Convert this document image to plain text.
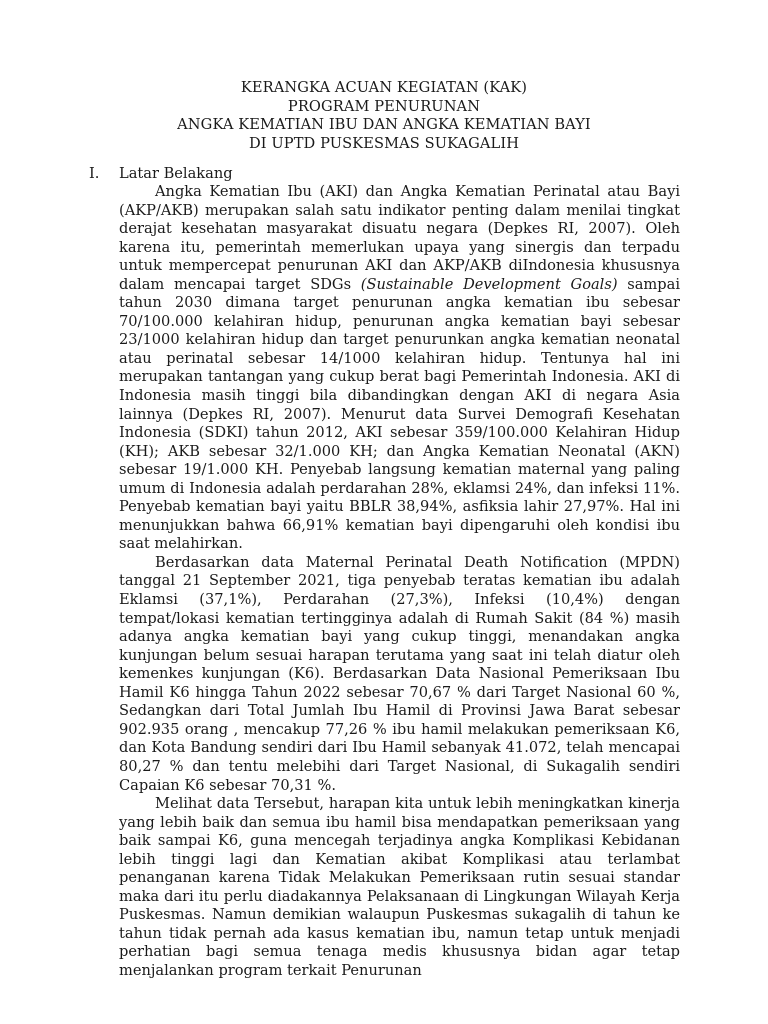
KERANGKA ACUAN KEGIATAN (KAK)
PROGRAM PENURUNAN
ANGKA KEMATIAN IBU DAN ANGKA KEMATIAN BAYI
DI UPTD PUSKESMAS SUKAGALIH
I. Latar Belakang

Angka Kematian Ibu (AKI) dan Angka Kematian Perinatal atau Bayi (AKP/AKB) merupakan salah satu indikator penting dalam menilai tingkat derajat kesehatan masyarakat disuatu negara (Depkes RI, 2007). Oleh karena itu, pemerintah memerlukan upaya yang sinergis dan terpadu untuk mempercepat penurunan AKI dan AKP/AKB diIndonesia khususnya dalam mencapai target SDGs (Sustainable Development Goals) sampai tahun 2030 dimana target penurunan angka kematian ibu sebesar 70/100.000 kelahiran hidup, penurunan angka kematian bayi sebesar 23/1000 kelahiran hidup dan target penurunkan angka kematian neonatal atau perinatal sebesar 14/1000 kelahiran hidup. Tentunya hal ini merupakan tantangan yang cukup berat bagi Pemerintah Indonesia. AKI di Indonesia masih tinggi bila dibandingkan dengan AKI di negara Asia lainnya (Depkes RI, 2007). Menurut data Survei Demografi Kesehatan Indonesia (SDKI) tahun 2012, AKI sebesar 359/100.000 Kelahiran Hidup (KH); AKB sebesar 32/1.000 KH; dan Angka Kematian Neonatal (AKN) sebesar 19/1.000 KH. Penyebab langsung kematian maternal yang paling umum di Indonesia adalah perdarahan 28%, eklamsi 24%, dan infeksi 11%. Penyebab kematian bayi yaitu BBLR 38,94%, asfiksia lahir 27,97%. Hal ini menunjukkan bahwa 66,91% kematian bayi dipengaruhi oleh kondisi ibu saat melahirkan.

Berdasarkan data Maternal Perinatal Death Notification (MPDN) tanggal 21 September 2021, tiga penyebab teratas kematian ibu adalah Eklamsi (37,1%), Perdarahan (27,3%), Infeksi (10,4%) dengan tempat/lokasi kematian tertingginya adalah di Rumah Sakit (84 %) masih adanya angka kematian bayi yang cukup tinggi, menandakan angka kunjungan belum sesuai harapan terutama yang saat ini telah diatur oleh kemenkes kunjungan (K6). Berdasarkan Data Nasional Pemeriksaan Ibu Hamil K6 hingga Tahun 2022 sebesar 70,67 % dari Target Nasional 60 %, Sedangkan dari Total Jumlah Ibu Hamil di Provinsi Jawa Barat sebesar 902.935 orang , mencakup 77,26 % ibu hamil melakukan pemeriksaan K6, dan Kota Bandung sendiri dari Ibu Hamil sebanyak 41.072, telah mencapai 80,27 % dan tentu melebihi dari Target Nasional, di Sukagalih sendiri Capaian K6 sebesar 70,31 %.

Melihat data Tersebut, harapan kita untuk lebih meningkatkan kinerja yang lebih baik dan semua ibu hamil bisa mendapatkan pemeriksaan yang baik sampai K6, guna mencegah terjadinya angka Komplikasi Kebidanan lebih tinggi lagi dan Kematian akibat Komplikasi atau terlambat penanganan karena Tidak Melakukan Pemeriksaan rutin sesuai standar maka dari itu perlu diadakannya Pelaksanaan di Lingkungan Wilayah Kerja Puskesmas. Namun demikian walaupun Puskesmas sukagalih di tahun ke tahun tidak pernah ada kasus kematian ibu, namun tetap untuk menjadi perhatian bagi semua tenaga medis khususnya bidan agar tetap menjalankan program terkait Penurunan
